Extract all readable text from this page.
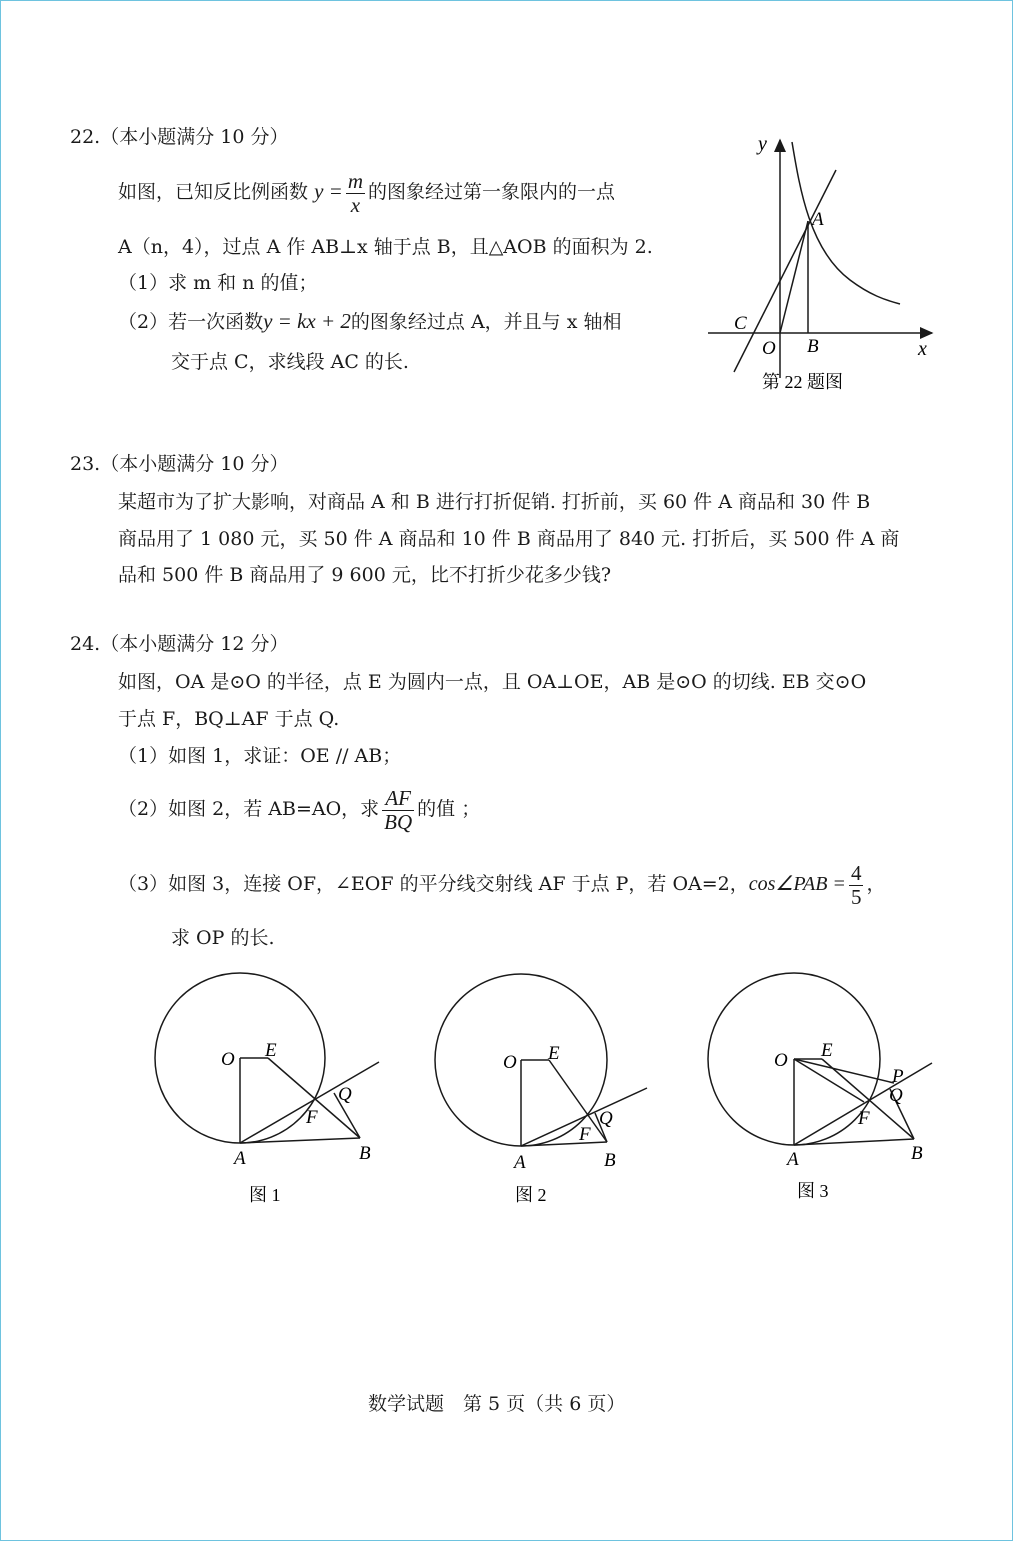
22.（本小题满分 10 分）
如图，已知反比例函数 $y = \frac{m}{x}$ 的图象经过第一象限内的一点
A（n，4），过点 A 作 AB⊥x 轴于点 B，且△AOB 的面积为 2.
（1）求 m 和 n 的值；
（2）若一次函数y = kx + 2的图象经过点 A，并且与 x 轴相
交于点 C，求线段 AC 的长.
y
A
C
O B	x
第 22 题图
23.（本小题满分 10 分）
某超市为了扩大影响，对商品 A 和 B 进行打折促销. 打折前，买 60 件 A 商品和 30 件 B
商品用了 1 080 元，买 50 件 A 商品和 10 件 B 商品用了 840 元. 打折后，买 500 件 A 商
品和 500 件 B 商品用了 9 600 元，比不打折少花多少钱?
24.（本小题满分 12 分）
如图，OA 是⊙O 的半径，点 E 为圆内一点，且 OA⊥OE，AB 是⊙O 的切线. EB 交⊙O
于点 F，BQ⊥AF 于点 Q.
（1）如图 1，求证：OE // AB；
（2）如图 2，若 AB=AO，求 $\frac{AF}{BQ}$ 的值 ；
（3）如图 3，连接 OF，∠EOF 的平分线交射线 AF 于点 P，若 OA=2，cos∠PAB = $\frac{4}{5}$ ，
求 OP 的长.
O E
F
Q
A	B
图 1
O E
F
Q
A	B
图 2
O E
P
Q
F
A	B
图 3
数学试题　第 5 页（共 6 页）
